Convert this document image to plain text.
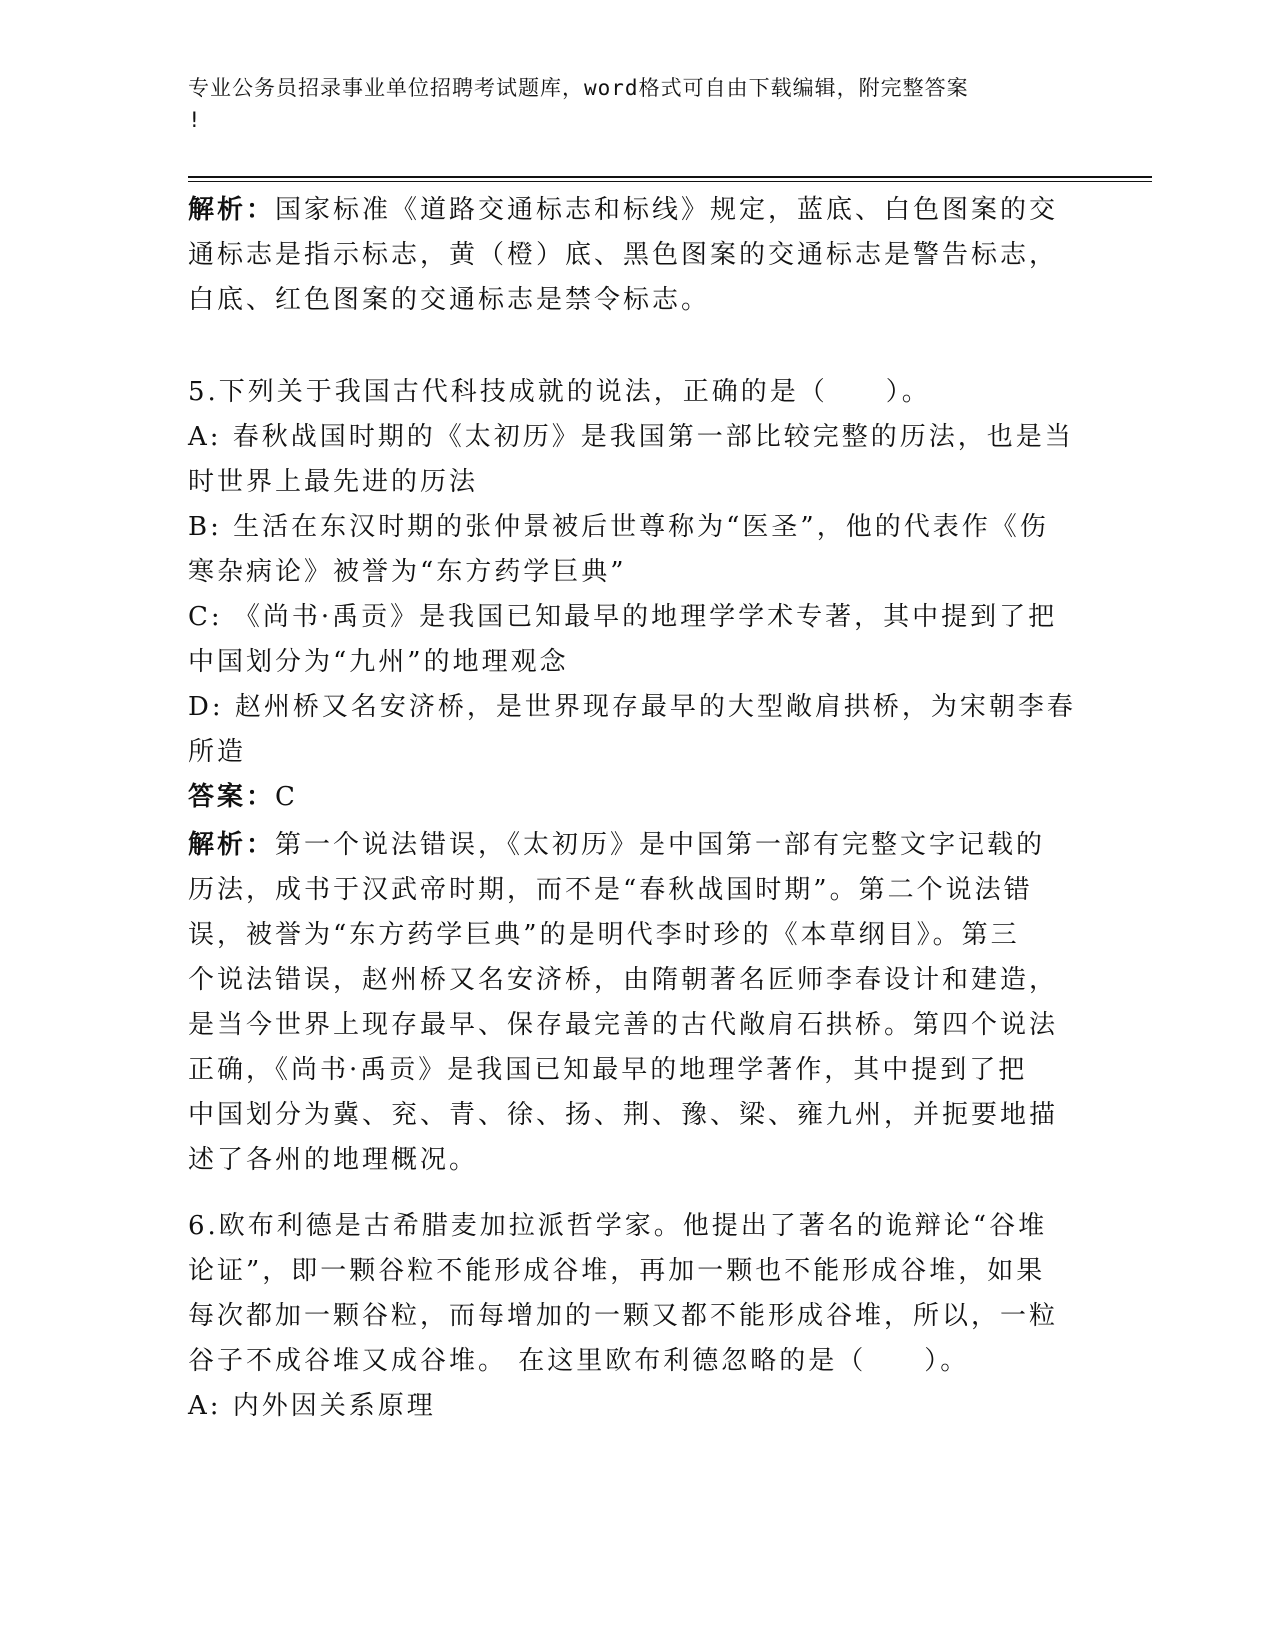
专业公务员招录事业单位招聘考试题库，word格式可自由下载编辑，附完整答案
!
解析：国家标准《道路交通标志和标线》规定，蓝底、白色图案的交
通标志是指示标志，黄（橙）底、黑色图案的交通标志是警告标志，
白底、红色图案的交通标志是禁令标志。
5.下列关于我国古代科技成就的说法，正确的是（　　）。
A: 春秋战国时期的《太初历》是我国第一部比较完整的历法，也是当
时世界上最先进的历法
B: 生活在东汉时期的张仲景被后世尊称为“医圣”，他的代表作《伤
寒杂病论》被誉为“东方药学巨典”
C: 《尚书·禹贡》是我国已知最早的地理学学术专著，其中提到了把
中国划分为“九州”的地理观念
D: 赵州桥又名安济桥，是世界现存最早的大型敞肩拱桥，为宋朝李春
所造
答案：C
解析：第一个说法错误，《太初历》是中国第一部有完整文字记载的
历法，成书于汉武帝时期，而不是“春秋战国时期”。第二个说法错
误，被誉为“东方药学巨典”的是明代李时珍的《本草纲目》。第三
个说法错误，赵州桥又名安济桥，由隋朝著名匠师李春设计和建造，
是当今世界上现存最早、保存最完善的古代敞肩石拱桥。第四个说法
正确，《尚书·禹贡》是我国已知最早的地理学著作，其中提到了把
中国划分为冀、兖、青、徐、扬、荆、豫、梁、雍九州，并扼要地描
述了各州的地理概况。
6.欧布利德是古希腊麦加拉派哲学家。他提出了著名的诡辩论“谷堆
论证”，即一颗谷粒不能形成谷堆，再加一颗也不能形成谷堆，如果
每次都加一颗谷粒，而每增加的一颗又都不能形成谷堆，所以，一粒
谷子不成谷堆又成谷堆。 在这里欧布利德忽略的是（　　）。
A: 内外因关系原理
